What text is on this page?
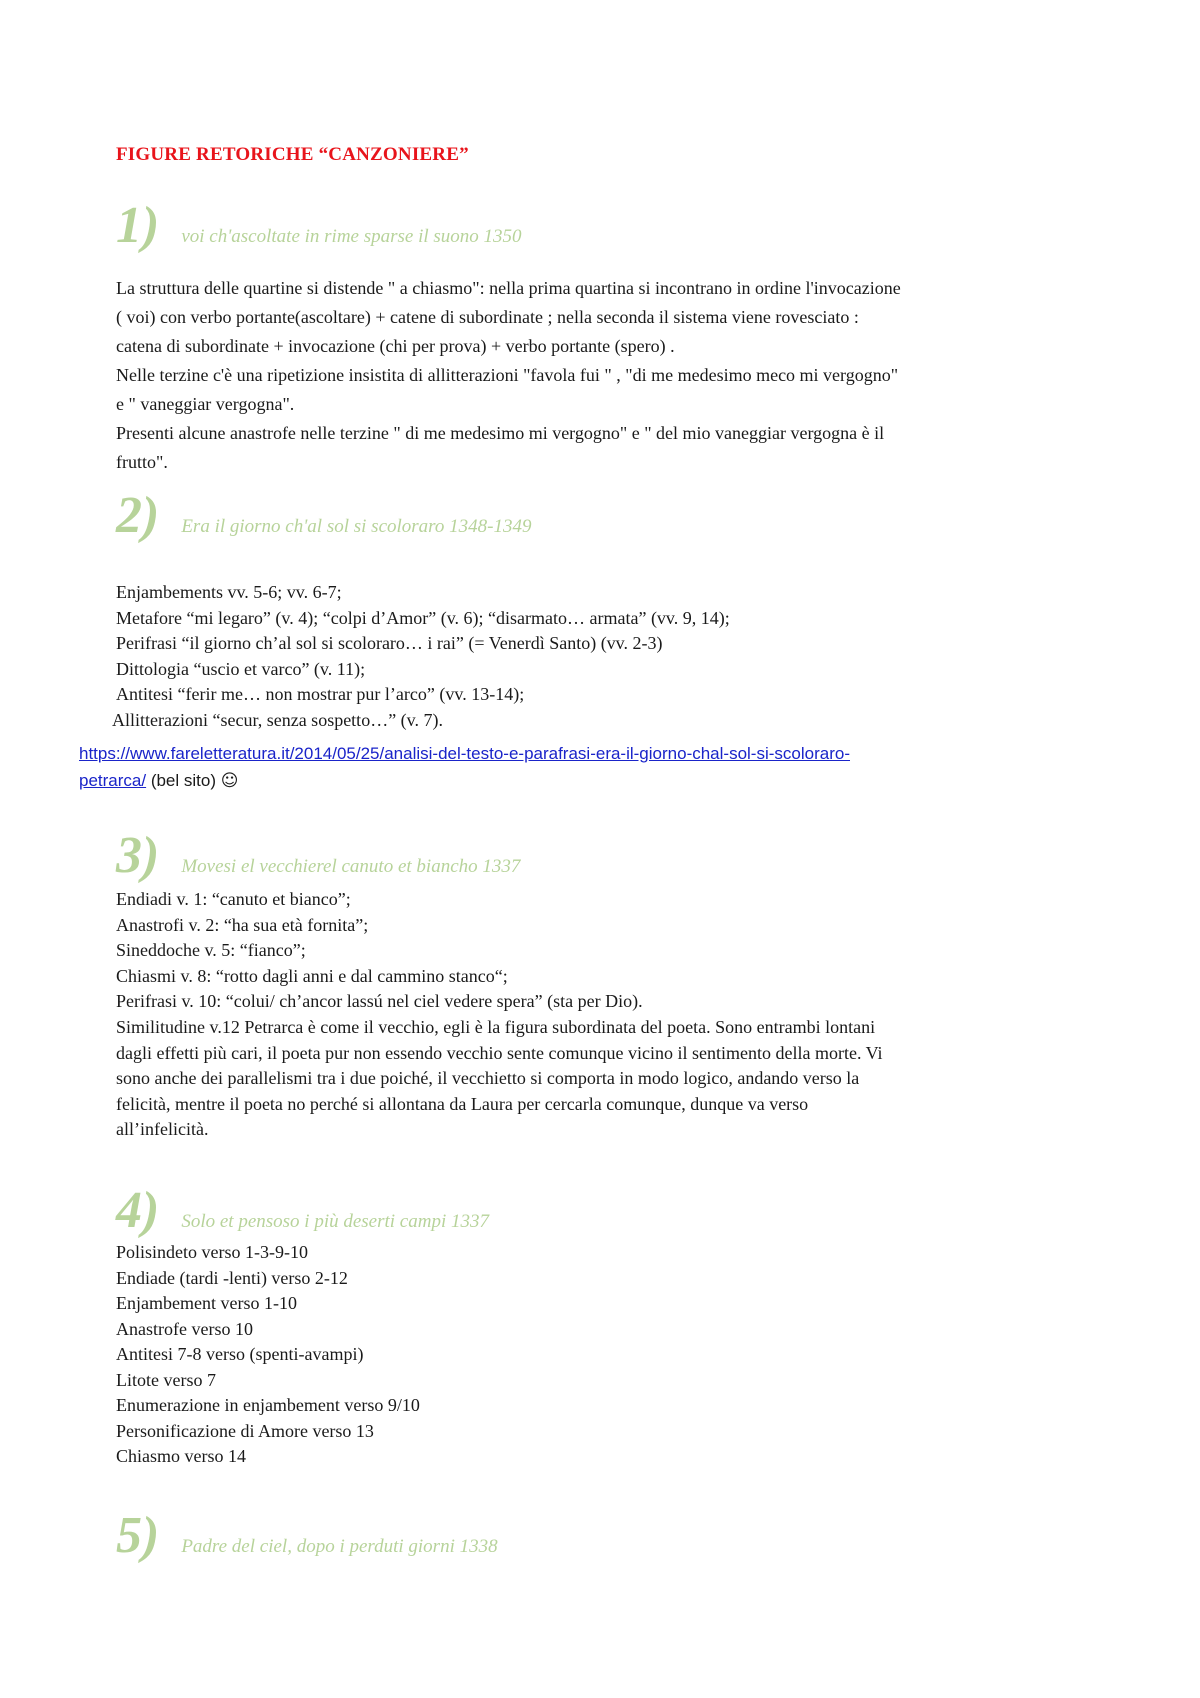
FIGURE RETORICHE “CANZONIERE”
1) voi ch'ascoltate in rime sparse il suono 1350

La struttura delle quartine si distende " a chiasmo": nella prima quartina si incontrano in ordine l'invocazione

( voi) con verbo portante(ascoltare) + catene di subordinate ; nella seconda il sistema viene rovesciato :

catena di subordinate + invocazione (chi per prova) + verbo portante (spero) .

Nelle terzine c'è una ripetizione insistita di allitterazioni "favola fui " , "di me medesimo meco mi vergogno"

e " vaneggiar vergogna".

Presenti alcune anastrofe nelle terzine " di me medesimo mi vergogno" e " del mio vaneggiar vergogna è il

frutto".

2) Era il giorno ch'al sol si scoloraro 1348-1349
Enjambements vv. 5-6; vv. 6-7;
Metafore “mi legaro” (v. 4); “colpi d’Amor” (v. 6); “disarmato… armata” (vv. 9, 14);
Perifrasi “il giorno ch’al sol si scoloraro… i rai” (= Venerdì Santo) (vv. 2-3)
Dittologia “uscio et varco” (v. 11);
Antitesi “ferir me… non mostrar pur l’arco” (vv. 13-14);
Allitterazioni “secur, senza sospetto…” (v. 7).
https://www.fareletteratura.it/2014/05/25/analisi-del-testo-e-parafrasi-era-il-giorno-chal-sol-si-scoloraro-
petrarca/ (bel sito) ☺
3) Movesi el vecchierel canuto et biancho 1337
Endiadi v. 1: “canuto et bianco”;
Anastrofi v. 2: “ha sua età fornita”;
Sineddoche v. 5: “fianco”;
Chiasmi v. 8: “rotto dagli anni e dal cammino stanco“;
Perifrasi v. 10: “colui/ ch’ancor lassú nel ciel vedere spera” (sta per Dio).
Similitudine v.12 Petrarca è come il vecchio, egli è la figura subordinata del poeta. Sono entrambi lontani
dagli effetti più cari, il poeta pur non essendo vecchio sente comunque vicino il sentimento della morte. Vi
sono anche dei parallelismi tra i due poiché, il vecchietto si comporta in modo logico, andando verso la
felicità, mentre il poeta no perché si allontana da Laura per cercarla comunque, dunque va verso
all’infelicità.
4) Solo et pensoso i più deserti campi 1337
Polisindeto verso 1-3-9-10
Endiade (tardi -lenti) verso 2-12
Enjambement verso 1-10
Anastrofe verso 10
Antitesi 7-8 verso (spenti-avampi)
Litote verso 7
Enumerazione in enjambement verso 9/10
Personificazione di Amore verso 13
Chiasmo verso 14
5) Padre del ciel, dopo i perduti giorni 1338
